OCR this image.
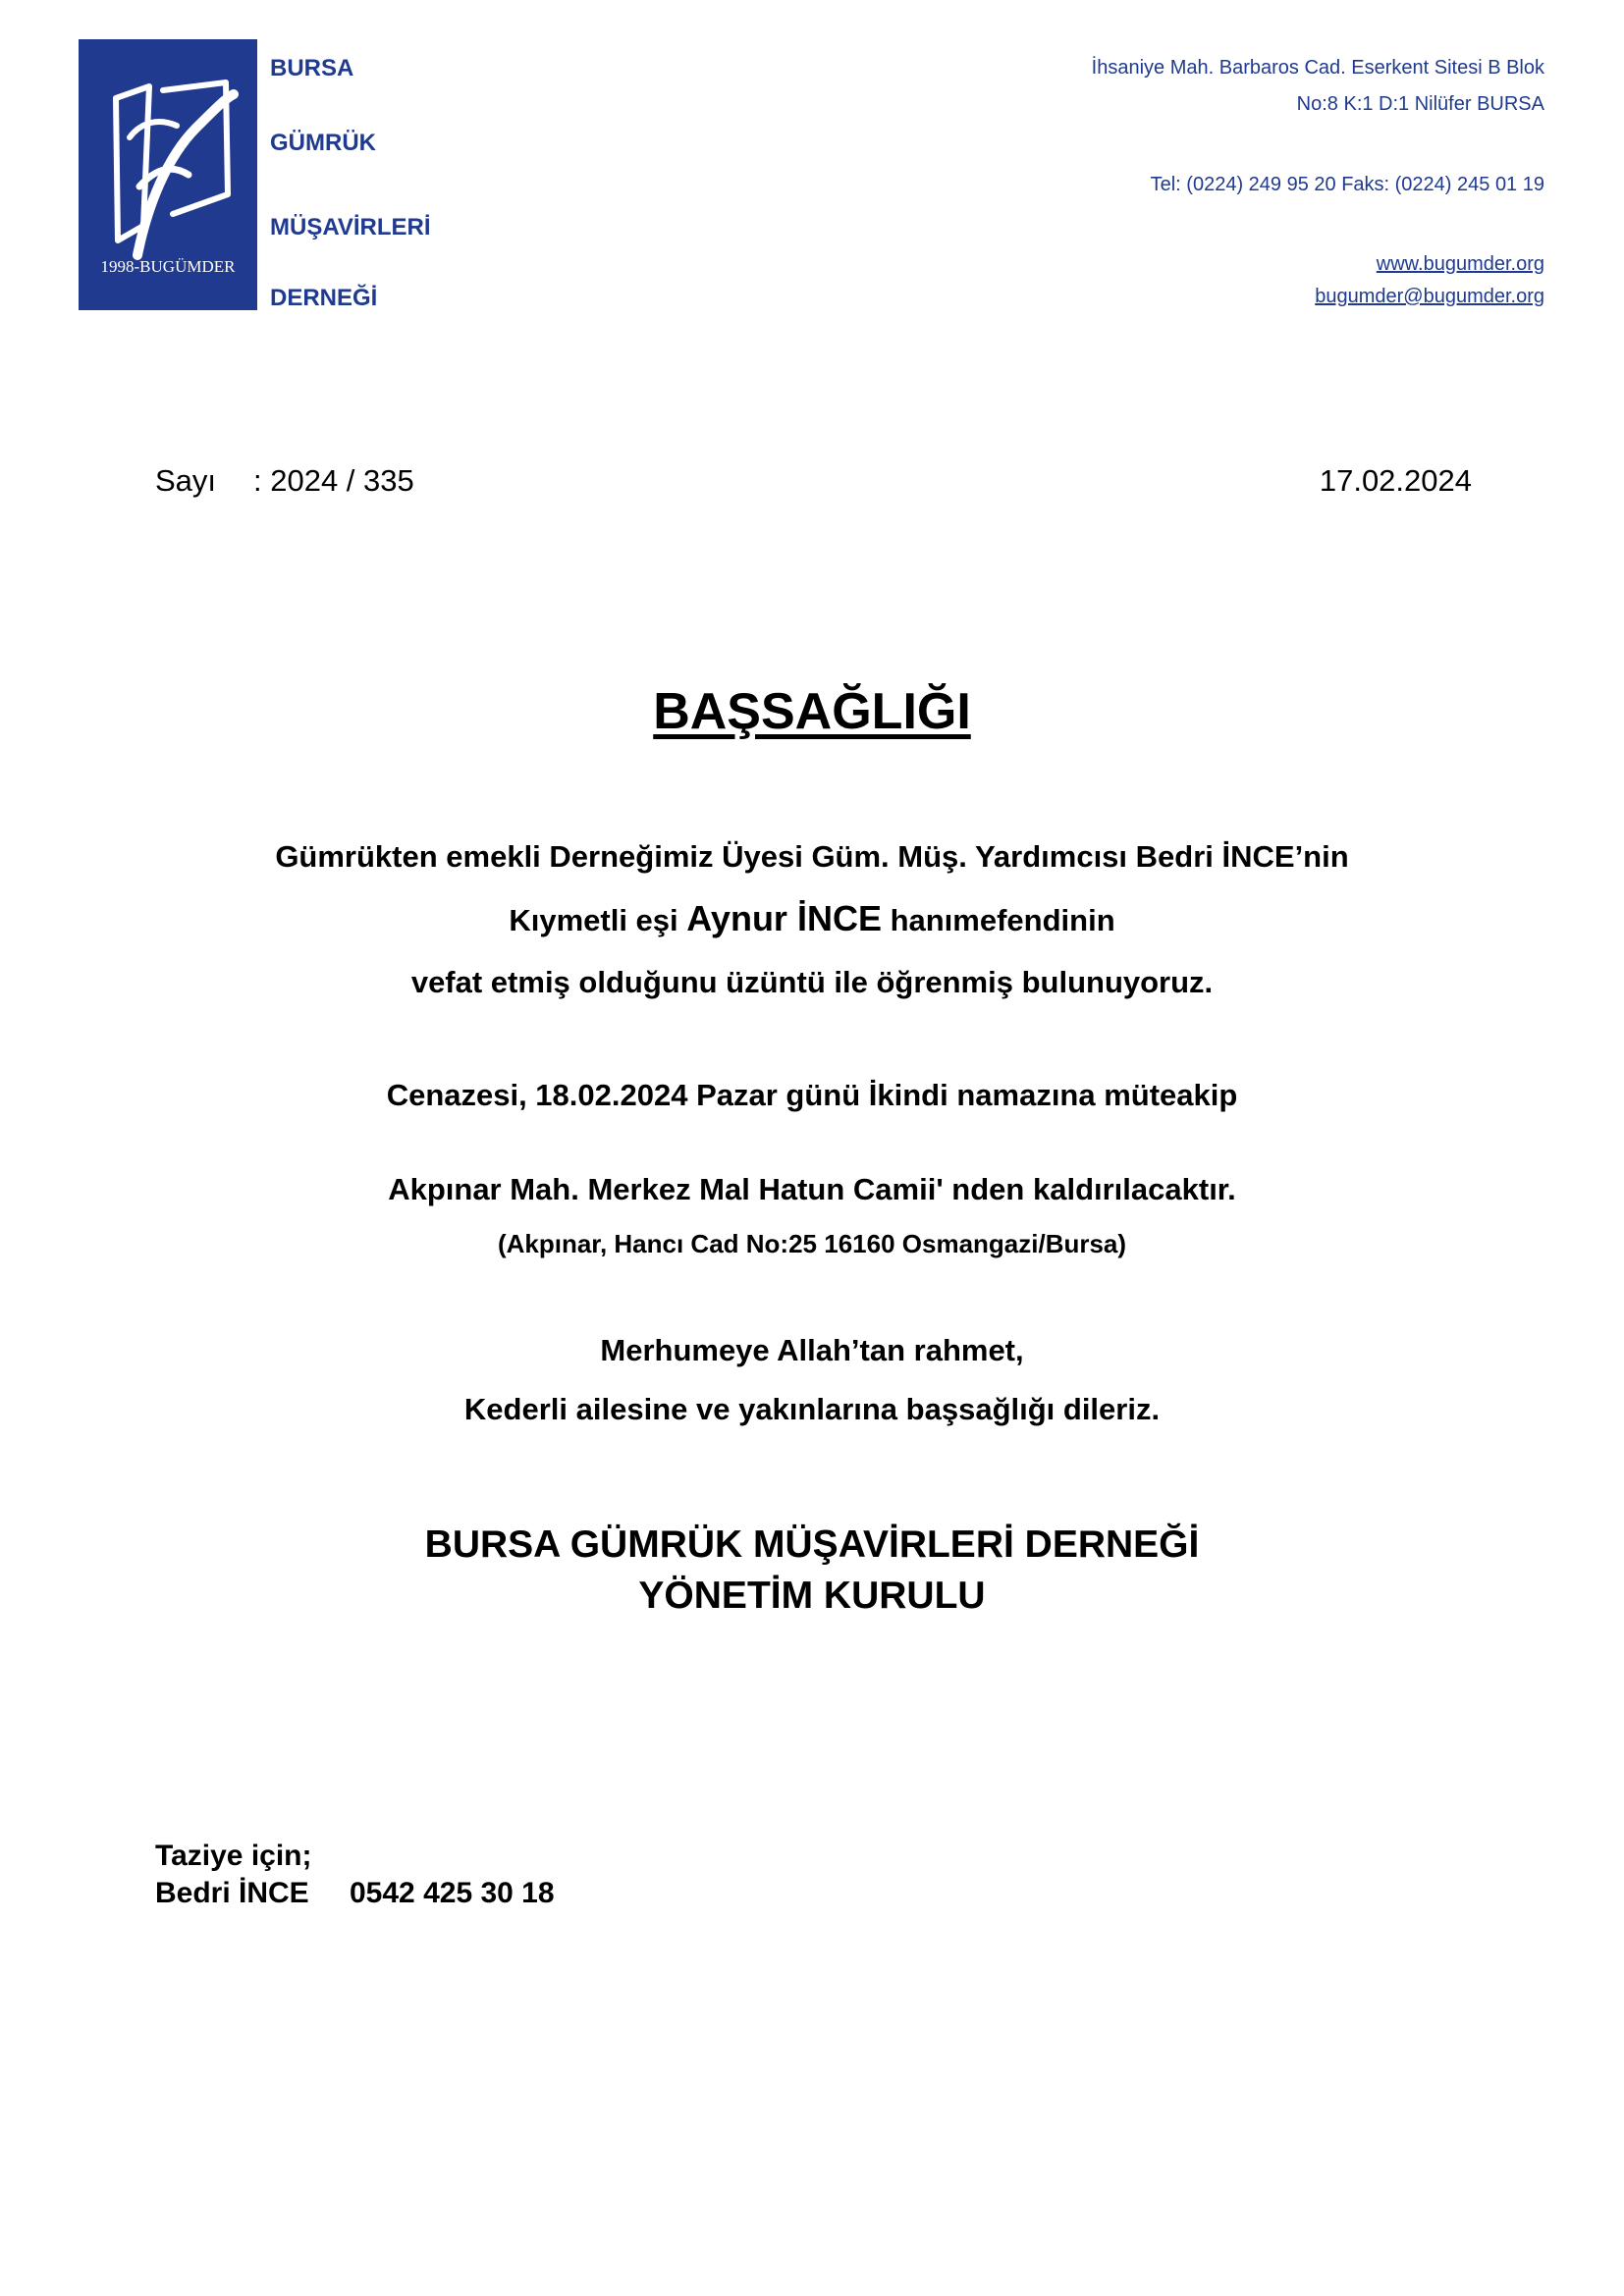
1998-BUGÜMDER
BURSA
GÜMRÜK
MÜŞAVİRLERİ
DERNEĞİ
İhsaniye Mah. Barbaros Cad. Eserkent Sitesi B Blok
No:8 K:1 D:1 Nilüfer BURSA
Tel: (0224) 249 95 20 Faks: (0224) 245 01 19
www.bugumder.org
bugumder@bugumder.org
Sayı : 2024 / 335	17.02.2024
BAŞSAĞLIĞI
Gümrükten emekli Derneğimiz Üyesi Güm. Müş. Yardımcısı Bedri İNCE’nin
Kıymetli eşi Aynur İNCE hanımefendinin
vefat etmiş olduğunu üzüntü ile öğrenmiş bulunuyoruz.
Cenazesi, 18.02.2024 Pazar günü İkindi namazına müteakip
Akpınar Mah. Merkez Mal Hatun Camii' nden kaldırılacaktır.
(Akpınar, Hancı Cad No:25 16160 Osmangazi/Bursa)
Merhumeye Allah’tan rahmet,
Kederli ailesine ve yakınlarına başsağlığı dileriz.
BURSA GÜMRÜK MÜŞAVİRLERİ DERNEĞİ
YÖNETİM KURULU
Taziye için;
Bedri İNCE 0542 425 30 18
